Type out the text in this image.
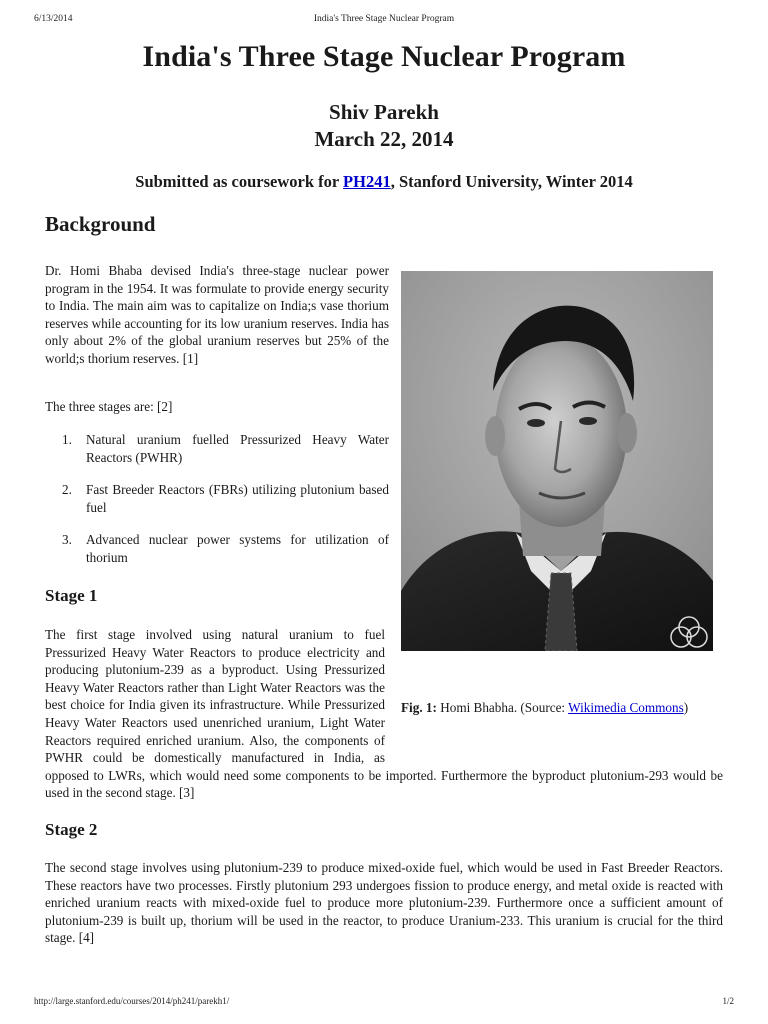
6/13/2014	India's Three Stage Nuclear Program
India's Three Stage Nuclear Program
Shiv Parekh
March 22, 2014
Submitted as coursework for PH241, Stanford University, Winter 2014
Background

Dr. Homi Bhaba devised India's three-stage nuclear power program in the 1954. It was formulate to provide energy security to India. The main aim was to capitalize on India;s vase thorium reserves while accounting for its low uranium reserves. India has only about 2% of the global uranium reserves but 25% of the world;s thorium reserves. [1]

The three stages are: [2]

1. Natural uranium fuelled Pressurized Heavy Water Reactors (PWHR)
2. Fast Breeder Reactors (FBRs) utilizing plutonium based fuel
3. Advanced nuclear power systems for utilization of thorium
Fig. 1: Homi Bhabha. (Source: Wikimedia Commons)
Stage 1
The first stage involved using natural uranium to fuel Pressurized Heavy Water Reactors to produce electricity and producing plutonium-239 as a byproduct. Using Pressurized Heavy Water Reactors rather than Light Water Reactors was the best choice for India given its infrastructure. While Pressurized Heavy Water Reactors used unenriched uranium, Light Water Reactors required enriched uranium. Also, the components of PWHR could be domestically manufactured in India, as opposed to LWRs, which would need some components to be imported. Furthermore the byproduct plutonium-293 would be used in the second stage. [3]
Stage 2

The second stage involves using plutonium-239 to produce mixed-oxide fuel, which would be used in Fast Breeder Reactors. These reactors have two processes. Firstly plutonium 293 undergoes fission to produce energy, and metal oxide is reacted with enriched uranium reacts with mixed-oxide fuel to produce more plutonium-239. Furthermore once a sufficient amount of plutonium-239 is built up, thorium will be used in the reactor, to produce Uranium-233. This uranium is crucial for the third stage. [4]

http://large.stanford.edu/courses/2014/ph241/parekh1/	1/2
